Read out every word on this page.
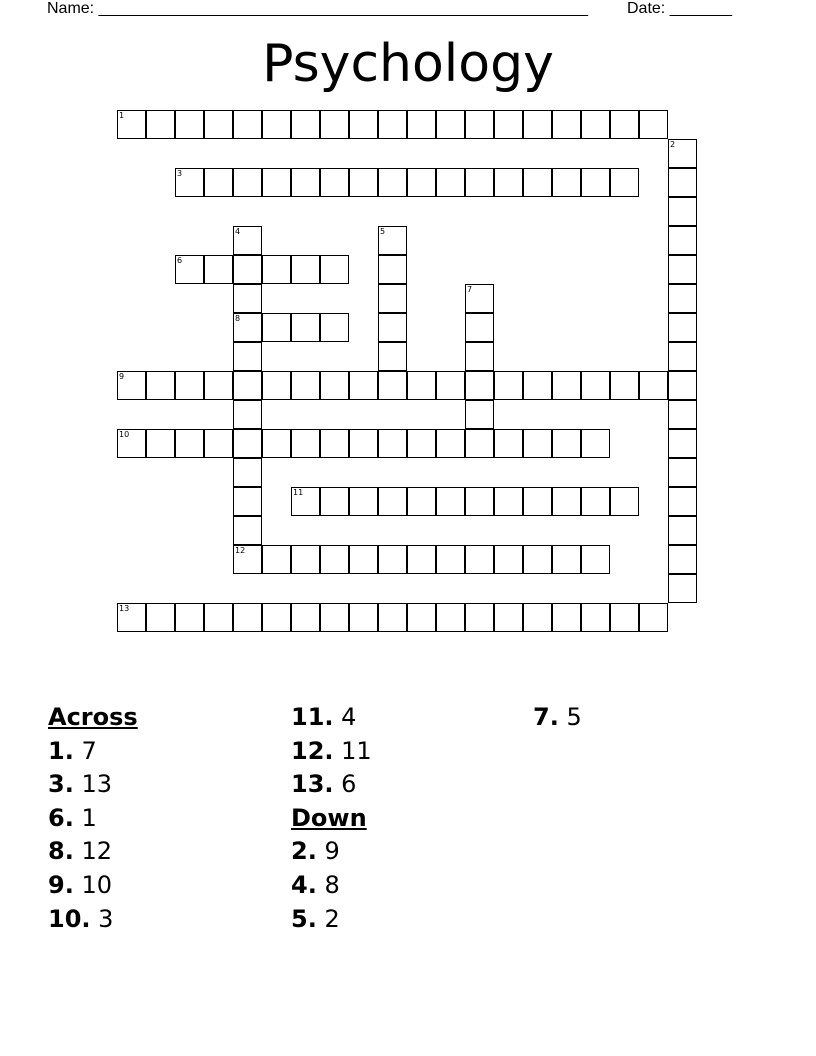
Name: _______________________________________________________ Date: _______
Psychology
1
2
3
4	5
6
7
8
9
10
11
12
13
Across
1. 7
3. 13
6. 1
8. 12
9. 10
10. 3
11. 4
12. 11
13. 6
Down
2. 9
4. 8
5. 2
7. 5
